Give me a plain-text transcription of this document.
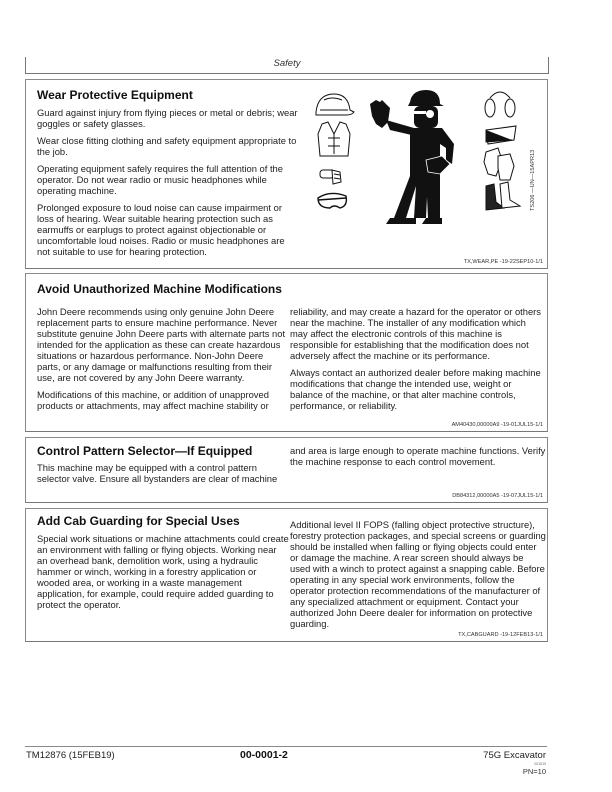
Safety
Wear Protective Equipment

Guard against injury from flying pieces or metal or debris; wear goggles or safety glasses.

Wear close fitting clothing and safety equipment appropriate to the job.

Operating equipment safely requires the full attention of the operator. Do not wear radio or music headphones while operating machine.

Prolonged exposure to loud noise can cause impairment or loss of hearing. Wear suitable hearing protection such as earmuffs or earplugs to protect against objectionable or uncomfortable loud noises. Radio or music headphones are not suitable to use for hearing protection.

TS206 —UN—15APR13
TX,WEAR,PE -19-22SEP10-1/1
Avoid Unauthorized Machine Modifications

John Deere recommends using only genuine John Deere replacement parts to ensure machine performance. Never substitute genuine John Deere parts with alternate parts not intended for the application as these can create hazardous situations or hazardous performance. Non-John Deere parts, or any damage or malfunctions resulting from their use, are not covered by any John Deere warranty.

Modifications of this machine, or addition of unapproved products or attachments, may affect machine stability or

reliability, and may create a hazard for the operator or others near the machine. The installer of any modification which may affect the electronic controls of this machine is responsible for establishing that the modification does not adversely affect the machine or its performance.

Always contact an authorized dealer before making machine modifications that change the intended use, weight or balance of the machine, or that alter machine controls, performance, or reliability.

AM40430,00000A9 -19-01JUL15-1/1
Control Pattern Selector—If Equipped

This machine may be equipped with a control pattern selector valve. Ensure all bystanders are clear of machine

and area is large enough to operate machine functions. Verify the machine response to each control movement.

DB84312,00000A5 -19-07JUL15-1/1
Add Cab Guarding for Special Uses

Special work situations or machine attachments could create an environment with falling or flying objects. Working near an overhead bank, demolition work, using a hydraulic hammer or winch, working in a forestry application or wooded area, or working in a waste management application, for example, could require added guarding to protect the operator.

Additional level II FOPS (falling object protective structure), forestry protection packages, and special screens or guarding should be installed when falling or flying objects could enter or damage the machine. A rear screen should always be used with a winch to protect against a snapping cable. Before operating in any special work environments, follow the operator protection recommendations of the manufacturer of any specialized attachment or equipment. Contact your authorized John Deere dealer for information on protective guarding.

TX,CABGUARD -19-12FEB13-1/1
TM12876 (15FEB19)	00-0001-2	75G Excavator
021519
PN=10
